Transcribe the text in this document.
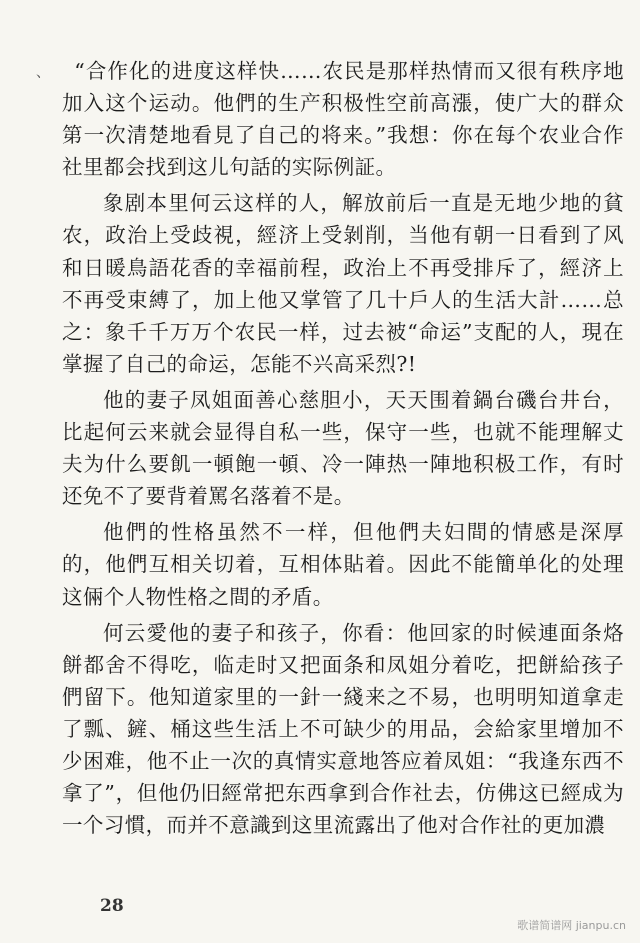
、	“合作化的进度这样快……农民是那样热情而又很有秩序地加入这个运动。他們的生产积极性空前高漲，使广大的群众第一次清楚地看見了自己的将来。”我想：你在每个农业合作社里都会找到这儿句話的实际例証。

象剧本里何云这样的人，解放前后一直是无地少地的貧农，政治上受歧視，經济上受剝削，当他有朝一日看到了风和日暖鳥語花香的幸福前程，政治上不再受排斥了，經济上不再受束縛了，加上他又掌管了几十戶人的生活大計……总之：象千千万万个农民一样，过去被“命运”支配的人，現在掌握了自己的命运，怎能不兴高采烈?!

他的妻子凤姐面善心慈胆小，天天围着鍋台磯台井台，比起何云来就会显得自私一些，保守一些，也就不能理解丈夫为什么要飢一頓飽一頓、冷一陣热一陣地积极工作，有时还免不了要背着罵名落着不是。

他們的性格虽然不一样，但他們夫妇間的情感是深厚的，他們互相关切着，互相体貼着。因此不能簡单化的处理这倆个人物性格之間的矛盾。

何云愛他的妻子和孩子，你看：他回家的时候連面条烙餅都舍不得吃，临走时又把面条和凤姐分着吃，把餅給孩子們留下。他知道家里的一針一綫来之不易，也明明知道拿走了瓢、鏟、桶这些生活上不可缺少的用品，会給家里增加不少困难，他不止一次的真情实意地答应着凤姐：“我逢东西不拿了”，但他仍旧經常把东西拿到合作社去，仿佛这已經成为一个习慣，而并不意識到这里流露出了他对合作社的更加濃

28
歌谱简谱网 jianpu.cn
